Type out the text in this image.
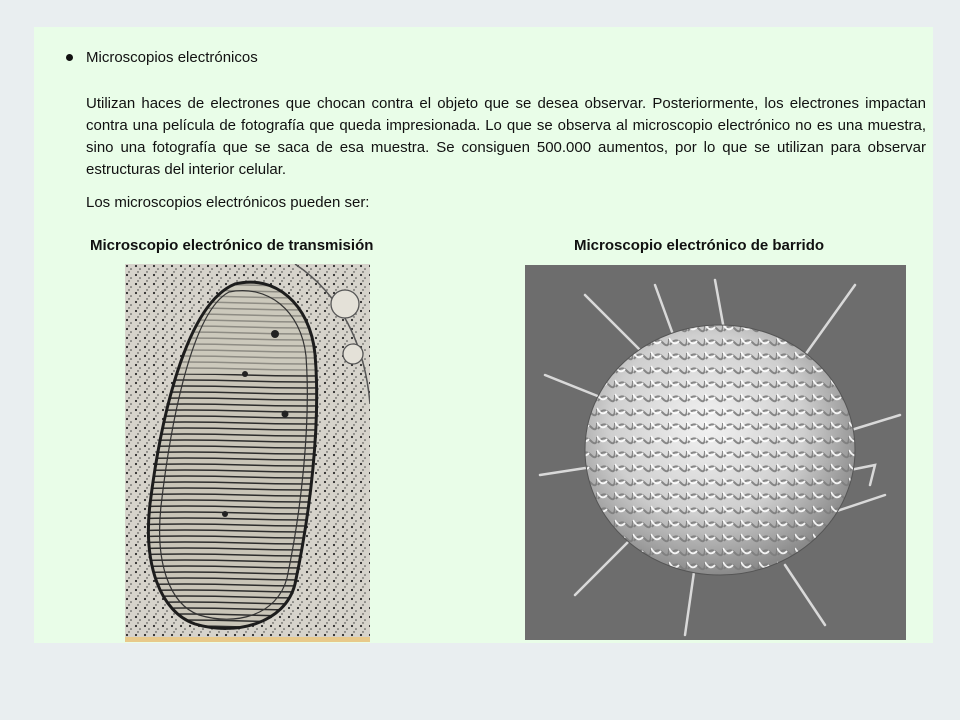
Microscopios electrónicos

Utilizan haces de electrones que chocan contra el objeto que se desea observar. Posteriormente, los electrones impactan contra una película de fotografía que queda impresionada. Lo que se observa al microscopio electrónico no es una muestra, sino una fotografía que se saca de esa muestra. Se consiguen 500.000 aumentos, por lo que se utilizan para observar estructuras del interior celular.

Los microscopios electrónicos pueden ser:
Microscopio electrónico de transmisión	Microscopio electrónico de barrido
